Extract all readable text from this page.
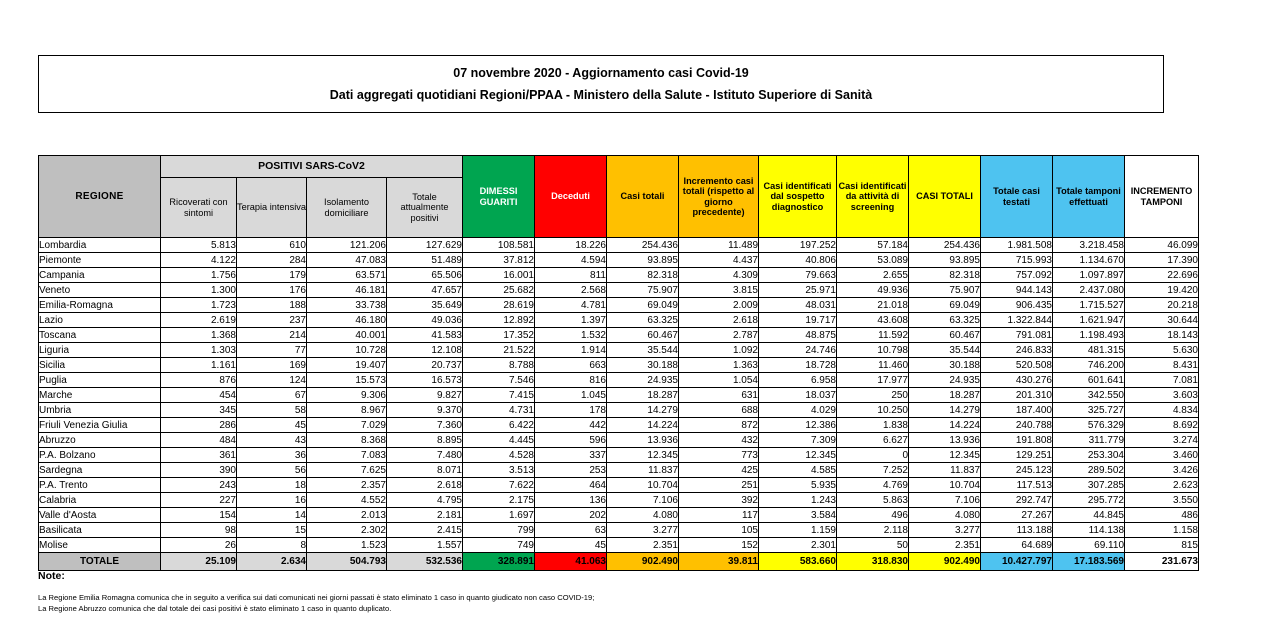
07 novembre 2020 - Aggiornamento casi Covid-19
Dati aggregati quotidiani Regioni/PPAA - Ministero della Salute - Istituto Superiore di Sanità
REGIONE	POSITIVI SARS-CoV2				DIMESSI GUARITI	Deceduti	Casi totali	Incremento casi totali (rispetto al giorno precedente)	Casi identificati dal sospetto diagnostico	Casi identificati da attività di screening	CASI TOTALI	Totale casi testati	Totale tamponi effettuati	INCREMENTO TAMPONI
	Ricoverati con sintomi	Terapia intensiva	Isolamento domiciliare	Totale attualmente positivi										
Lombardia	5.813	610	121.206	127.629	108.581	18.226	254.436	11.489	197.252	57.184	254.436	1.981.508	3.218.458	46.099
Piemonte	4.122	284	47.083	51.489	37.812	4.594	93.895	4.437	40.806	53.089	93.895	715.993	1.134.670	17.390
Campania	1.756	179	63.571	65.506	16.001	811	82.318	4.309	79.663	2.655	82.318	757.092	1.097.897	22.696
Veneto	1.300	176	46.181	47.657	25.682	2.568	75.907	3.815	25.971	49.936	75.907	944.143	2.437.080	19.420
Emilia-Romagna	1.723	188	33.738	35.649	28.619	4.781	69.049	2.009	48.031	21.018	69.049	906.435	1.715.527	20.218
Lazio	2.619	237	46.180	49.036	12.892	1.397	63.325	2.618	19.717	43.608	63.325	1.322.844	1.621.947	30.644
Toscana	1.368	214	40.001	41.583	17.352	1.532	60.467	2.787	48.875	11.592	60.467	791.081	1.198.493	18.143
Liguria	1.303	77	10.728	12.108	21.522	1.914	35.544	1.092	24.746	10.798	35.544	246.833	481.315	5.630
Sicilia	1.161	169	19.407	20.737	8.788	663	30.188	1.363	18.728	11.460	30.188	520.508	746.200	8.431
Puglia	876	124	15.573	16.573	7.546	816	24.935	1.054	6.958	17.977	24.935	430.276	601.641	7.081
Marche	454	67	9.306	9.827	7.415	1.045	18.287	631	18.037	250	18.287	201.310	342.550	3.603
Umbria	345	58	8.967	9.370	4.731	178	14.279	688	4.029	10.250	14.279	187.400	325.727	4.834
Friuli Venezia Giulia	286	45	7.029	7.360	6.422	442	14.224	872	12.386	1.838	14.224	240.788	576.329	8.692
Abruzzo	484	43	8.368	8.895	4.445	596	13.936	432	7.309	6.627	13.936	191.808	311.779	3.274
P.A. Bolzano	361	36	7.083	7.480	4.528	337	12.345	773	12.345	0	12.345	129.251	253.304	3.460
Sardegna	390	56	7.625	8.071	3.513	253	11.837	425	4.585	7.252	11.837	245.123	289.502	3.426
P.A. Trento	243	18	2.357	2.618	7.622	464	10.704	251	5.935	4.769	10.704	117.513	307.285	2.623
Calabria	227	16	4.552	4.795	2.175	136	7.106	392	1.243	5.863	7.106	292.747	295.772	3.550
Valle d'Aosta	154	14	2.013	2.181	1.697	202	4.080	117	3.584	496	4.080	27.267	44.845	486
Basilicata	98	15	2.302	2.415	799	63	3.277	105	1.159	2.118	3.277	113.188	114.138	1.158
Molise	26	8	1.523	1.557	749	45	2.351	152	2.301	50	2.351	64.689	69.110	815
TOTALE	25.109	2.634	504.793	532.536	328.891	41.063	902.490	39.811	583.660	318.830	902.490	10.427.797	17.183.569	231.673
Note:
La Regione Emilia Romagna comunica che in seguito a verifica sui dati comunicati nei giorni passati è stato eliminato 1 caso in quanto giudicato non caso COVID-19;
La Regione Abruzzo comunica che dal totale dei casi positivi è stato eliminato 1 caso in quanto duplicato.
